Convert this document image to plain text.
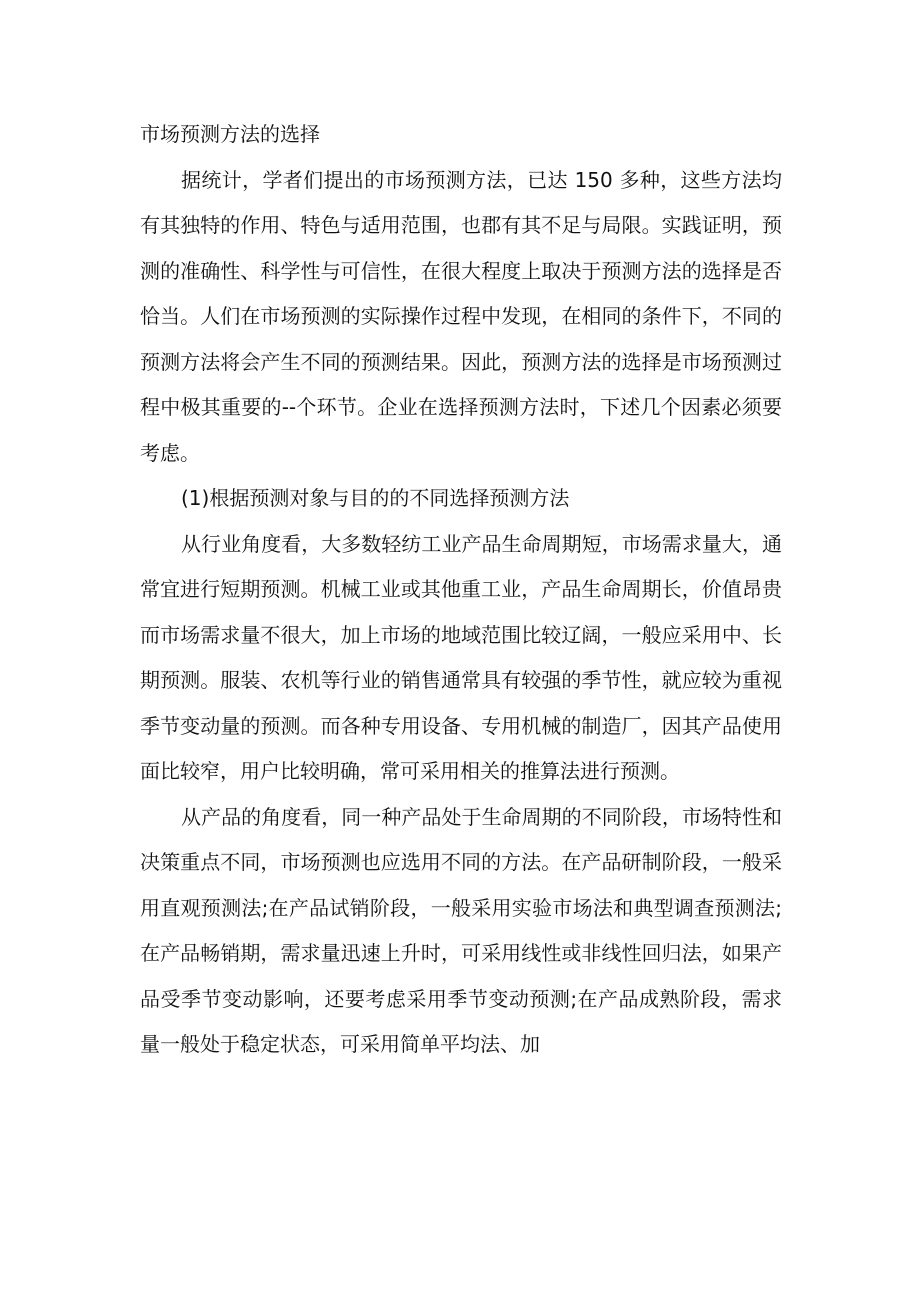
市场预测方法的选择

据统计，学者们提出的市场预测方法，已达 150 多种，这些方法均有其独特的作用、特色与适用范围，也郡有其不足与局限。实践证明，预测的准确性、科学性与可信性，在很大程度上取决于预测方法的选择是否恰当。人们在市场预测的实际操作过程中发现，在相同的条件下，不同的预测方法将会产生不同的预测结果。因此，预测方法的选择是市场预测过程中极其重要的--个环节。企业在选择预测方法时，下述几个因素必须要考虑。

(1)根据预测对象与目的的不同选择预测方法

从行业角度看，大多数轻纺工业产品生命周期短，市场需求量大，通常宜进行短期预测。机械工业或其他重工业，产品生命周期长，价值昂贵而市场需求量不很大，加上市场的地域范围比较辽阔，一般应采用中、长期预测。服装、农机等行业的销售通常具有较强的季节性，就应较为重视季节变动量的预测。而各种专用设备、专用机械的制造厂，因其产品使用面比较窄，用户比较明确，常可采用相关的推算法进行预测。

从产品的角度看，同一种产品处于生命周期的不同阶段，市场特性和决策重点不同，市场预测也应选用不同的方法。在产品研制阶段，一般采用直观预测法;在产品试销阶段，一般采用实验市场法和典型调查预测法;在产品畅销期，需求量迅速上升时，可采用线性或非线性回归法，如果产品受季节变动影响，还要考虑采用季节变动预测;在产品成熟阶段，需求量一般处于稳定状态，可采用简单平均法、加
